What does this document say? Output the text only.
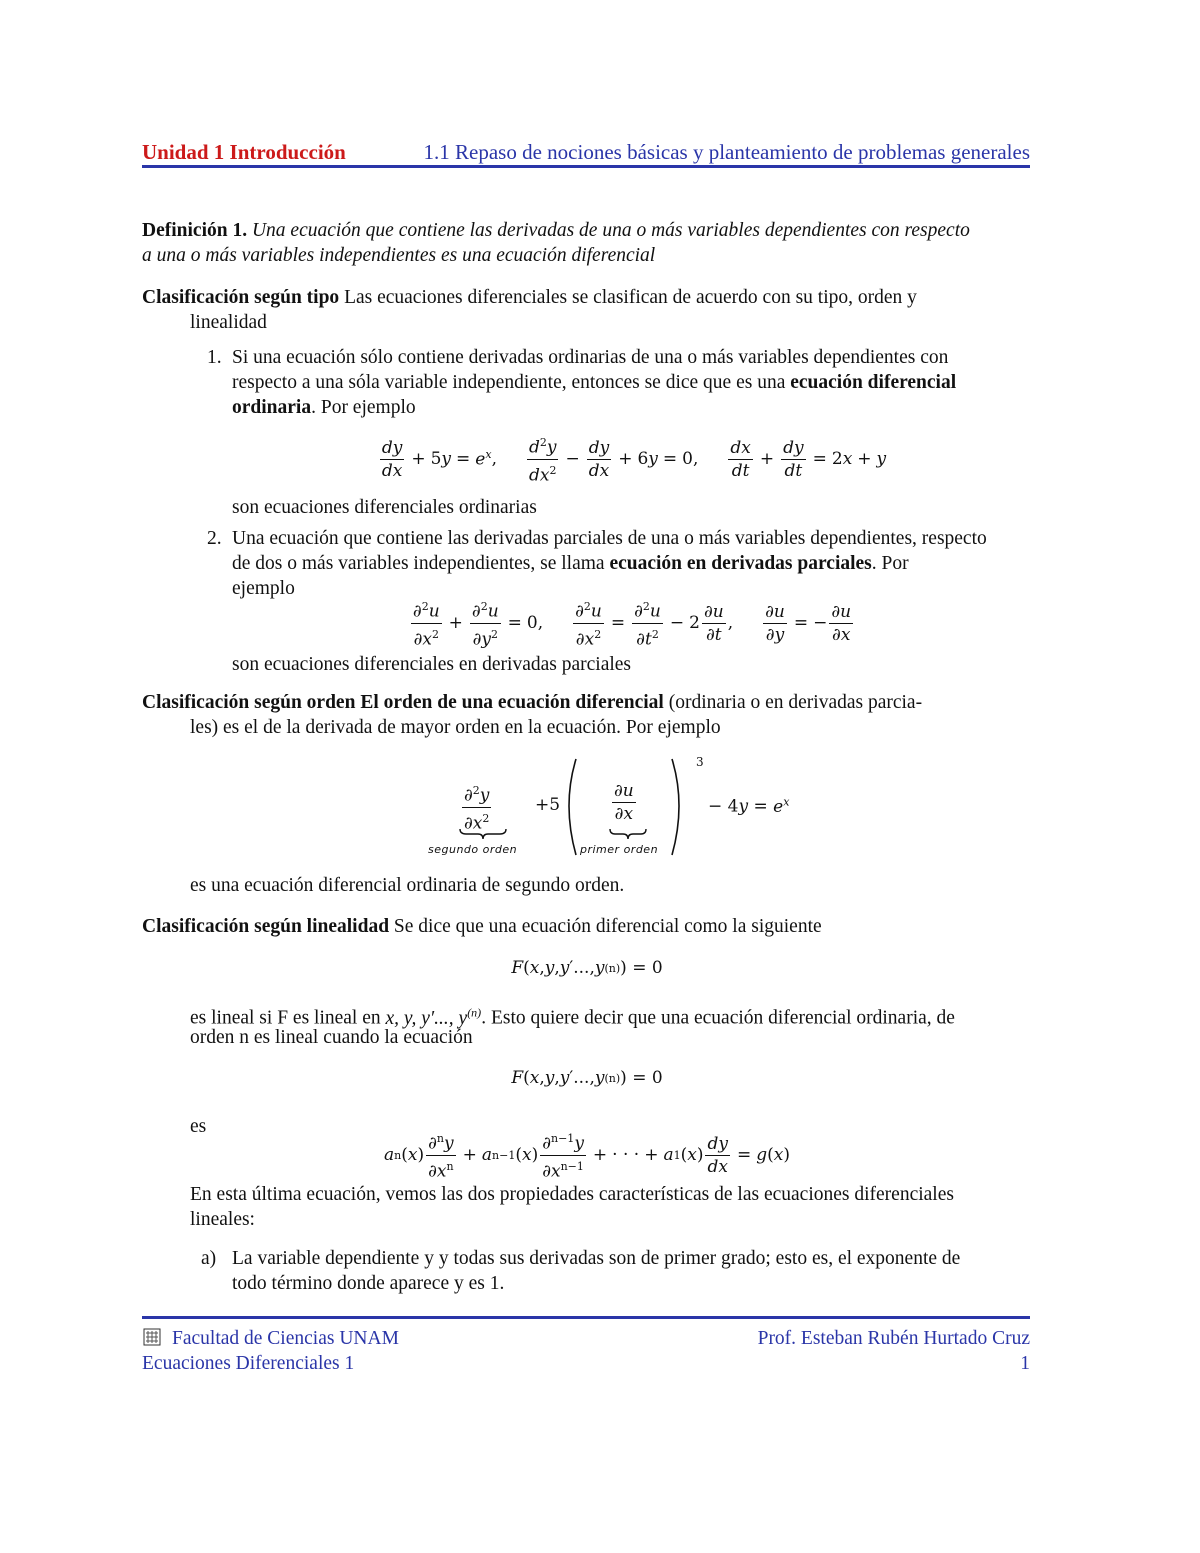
Unidad 1 Introducción	1.1 Repaso de nociones básicas y planteamiento de problemas generales
Definición 1. Una ecuación que contiene las derivadas de una o más variables dependientes con respecto
a una o más variables independientes es una ecuación diferencial
Clasificación según tipo Las ecuaciones diferenciales se clasifican de acuerdo con su tipo, orden y
linealidad
1. Si una ecuación sólo contiene derivadas ordinarias de una o más variables dependientes con
respecto a una sóla variable independiente, entonces se dice que es una ecuación diferencial
ordinaria. Por ejemplo
$\frac{dy}{dx} + 5y = e^x$ , $\frac{d^2y}{dx^2} - \frac{dy}{dx} + 6y = 0$, $\frac{dx}{dt} + \frac{dy}{dt} = 2x + y$
son ecuaciones diferenciales ordinarias
2. Una ecuación que contiene las derivadas parciales de una o más variables dependientes, respecto
de dos o más variables independientes, se llama ecuación en derivadas parciales. Por
ejemplo
$\frac{\partial^2u}{\partial x^2} + \frac{\partial^2u}{\partial y^2} = 0$, $\frac{\partial^2u}{\partial x^2} = \frac{\partial^2u}{\partial t^2} - 2 \frac{\partial u}{\partial t}$ , $\frac{\partial u}{\partial y}$ = − $\frac{\partial u}{\partial x}$
son ecuaciones diferenciales en derivadas parciales
Clasificación según orden El orden de una ecuación diferencial (ordinaria o en derivadas parcia-
les) es el de la derivada de mayor orden en la ecuación. Por ejemplo
$\frac{\partial^2y}{\partial x^2}$
segundo orden
+5	$\frac{\partial u}{\partial x}$
primer orden
3
− $4y = e^x$
es una ecuación diferencial ordinaria de segundo orden.
Clasificación según linealidad Se dice que una ecuación diferencial como la siguiente
F ( x , y , y ′..., y (n) ) = 0
es lineal si F es lineal en x, y, y′..., $y^{(n)}$. Esto quiere decir que una ecuación diferencial ordinaria, de
orden n es lineal cuando la ecuación
F ( x , y , y ′..., y (n) ) = 0
es
a n ( x ) $\frac{\partial^ny}{\partial x^n} + a$ n−1 ( x ) $\frac{\partial^{n-1}y}{\partial x^{n-1}}$ + · · · + a 1 ( x ) $\frac{dy}{dx} = g$ ( x )
En esta última ecuación, vemos las dos propiedades características de las ecuaciones diferenciales
lineales:
a) La variable dependiente y y todas sus derivadas son de primer grado; esto es, el exponente de
todo término donde aparece y es 1.
Facultad de Ciencias UNAM
Ecuaciones Diferenciales 1
Prof. Esteban Rubén Hurtado Cruz
1
